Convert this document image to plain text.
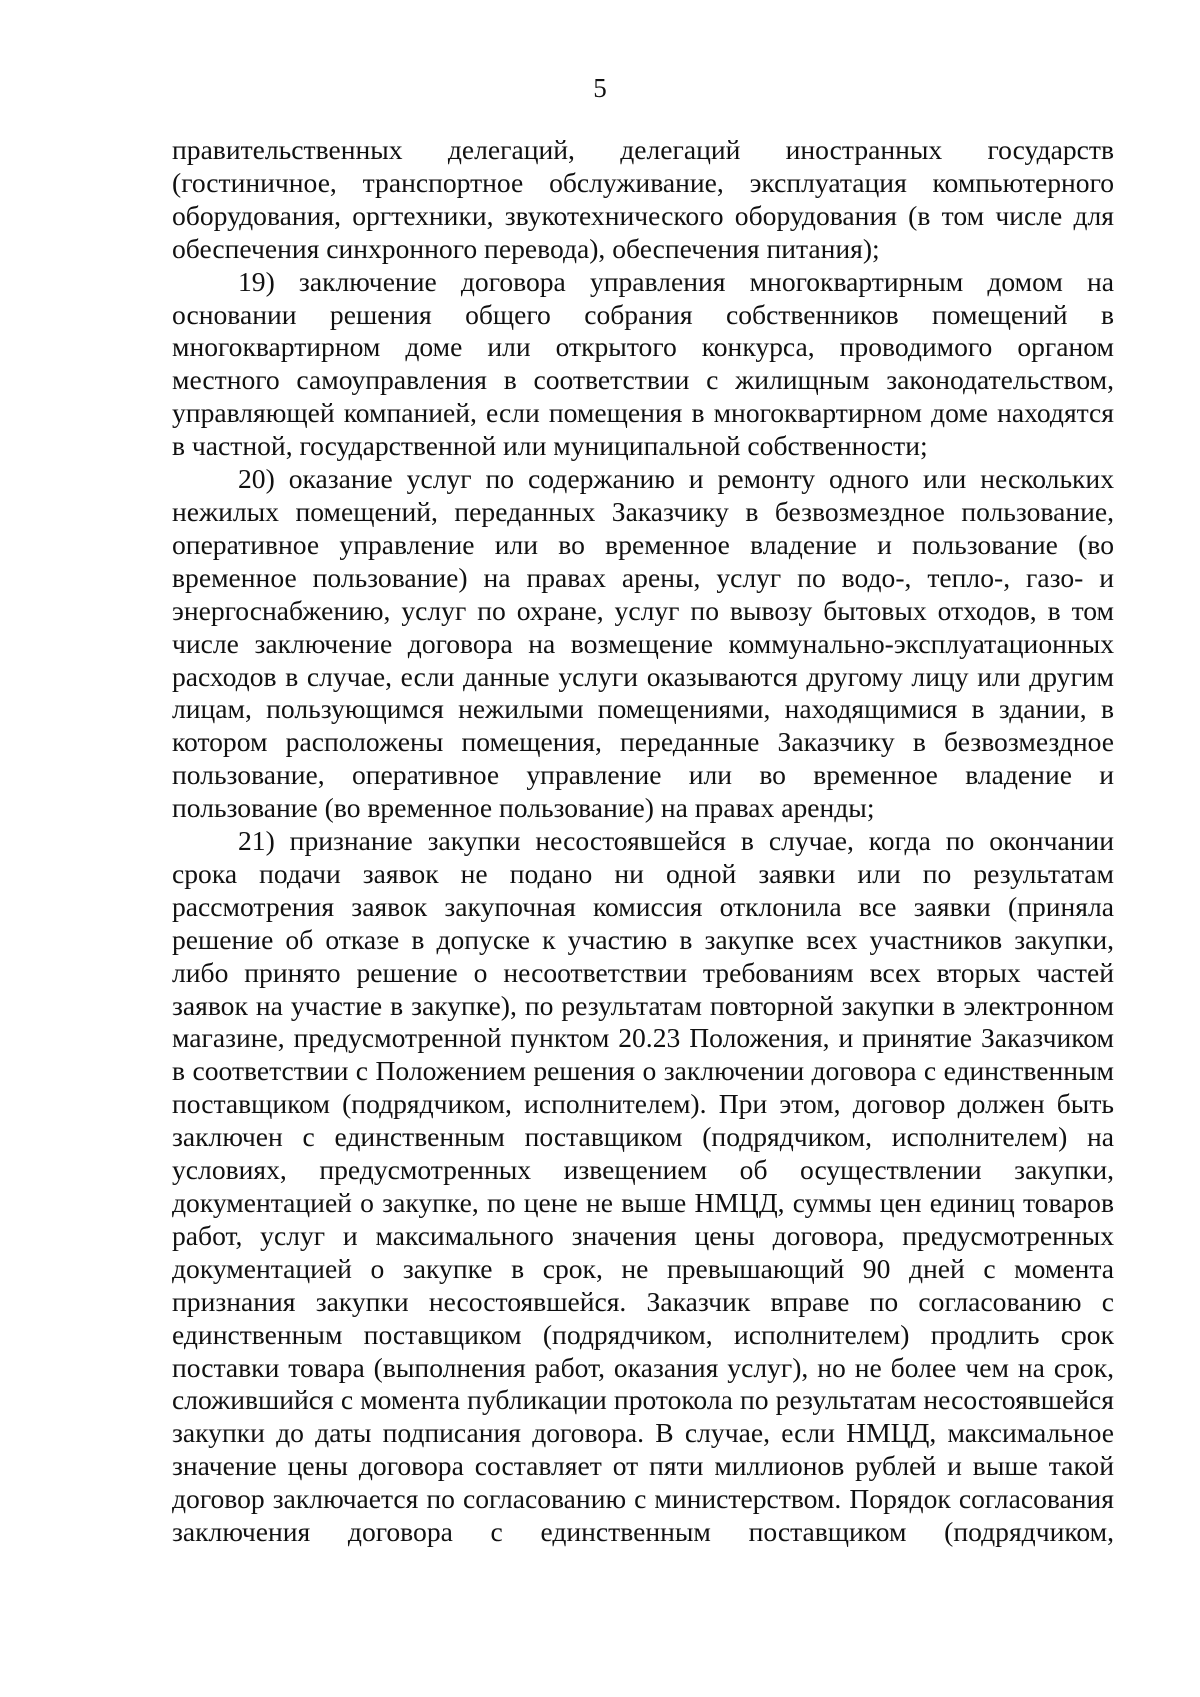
5

правительственных делегаций, делегаций иностранных государств (гостиничное, транспортное обслуживание, эксплуатация компьютерного оборудования, оргтехники, звукотехнического оборудования (в том числе для обеспечения синхронного перевода), обеспечения питания);

19) заключение договора управления многоквартирным домом на основании решения общего собрания собственников помещений в многоквартирном доме или открытого конкурса, проводимого органом местного самоуправления в соответствии с жилищным законодательством, управляющей компанией, если помещения в многоквартирном доме находятся в частной, государственной или муниципальной собственности;

20) оказание услуг по содержанию и ремонту одного или нескольких нежилых помещений, переданных Заказчику в безвозмездное пользование, оперативное управление или во временное владение и пользование (во временное пользование) на правах арены, услуг по водо-, тепло-, газо- и энергоснабжению, услуг по охране, услуг по вывозу бытовых отходов, в том числе заключение договора на возмещение коммунально-эксплуатационных расходов в случае, если данные услуги оказываются другому лицу или другим лицам, пользующимся нежилыми помещениями, находящимися в здании, в котором расположены помещения, переданные Заказчику в безвозмездное пользование, оперативное управление или во временное владение и пользование (во временное пользование) на правах аренды;

21) признание закупки несостоявшейся в случае, когда по окончании срока подачи заявок не подано ни одной заявки или по результатам рассмотрения заявок закупочная комиссия отклонила все заявки (приняла решение об отказе в допуске к участию в закупке всех участников закупки, либо принято решение о несоответствии требованиям всех вторых частей заявок на участие в закупке), по результатам повторной закупки в электронном магазине, предусмотренной пунктом 20.23 Положения, и принятие Заказчиком в соответствии с Положением решения о заключении договора с единственным поставщиком (подрядчиком, исполнителем). При этом, договор должен быть заключен с единственным поставщиком (подрядчиком, исполнителем) на условиях, предусмотренных извещением об осуществлении закупки, документацией о закупке, по цене не выше НМЦД, суммы цен единиц товаров работ, услуг и максимального значения цены договора, предусмотренных документацией о закупке в срок, не превышающий 90 дней с момента признания закупки несостоявшейся. Заказчик вправе по согласованию с единственным поставщиком (подрядчиком, исполнителем) продлить срок поставки товара (выполнения работ, оказания услуг), но не более чем на срок, сложившийся с момента публикации протокола по результатам несостоявшейся закупки до даты подписания договора. В случае, если НМЦД, максимальное значение цены договора составляет от пяти миллионов рублей и выше такой договор заключается по согласованию с министерством. Порядок согласования заключения договора с единственным поставщиком (подрядчиком,
